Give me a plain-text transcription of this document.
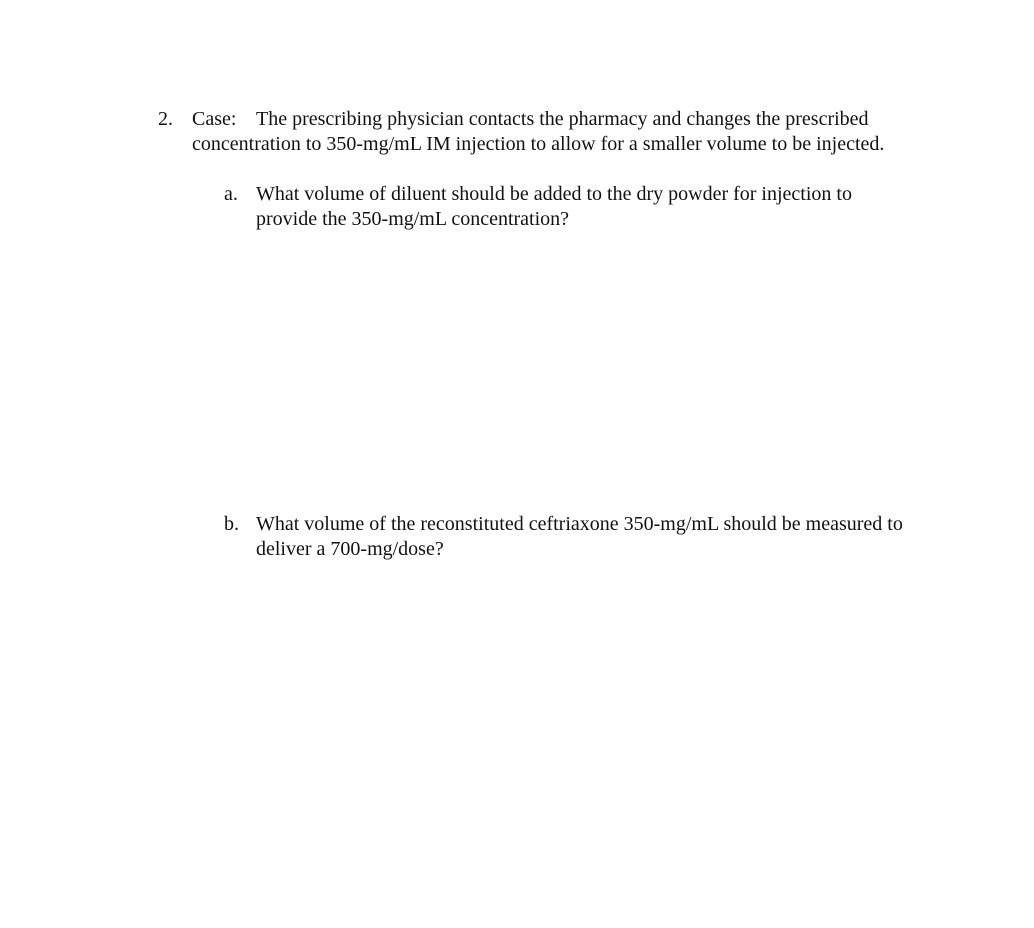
2. Case: The prescribing physician contacts the pharmacy and changes the prescribed concentration to 350-mg/mL IM injection to allow for a smaller volume to be injected.
a. What volume of diluent should be added to the dry powder for injection to provide the 350-mg/mL concentration?
b. What volume of the reconstituted ceftriaxone 350-mg/mL should be measured to deliver a 700-mg/dose?
